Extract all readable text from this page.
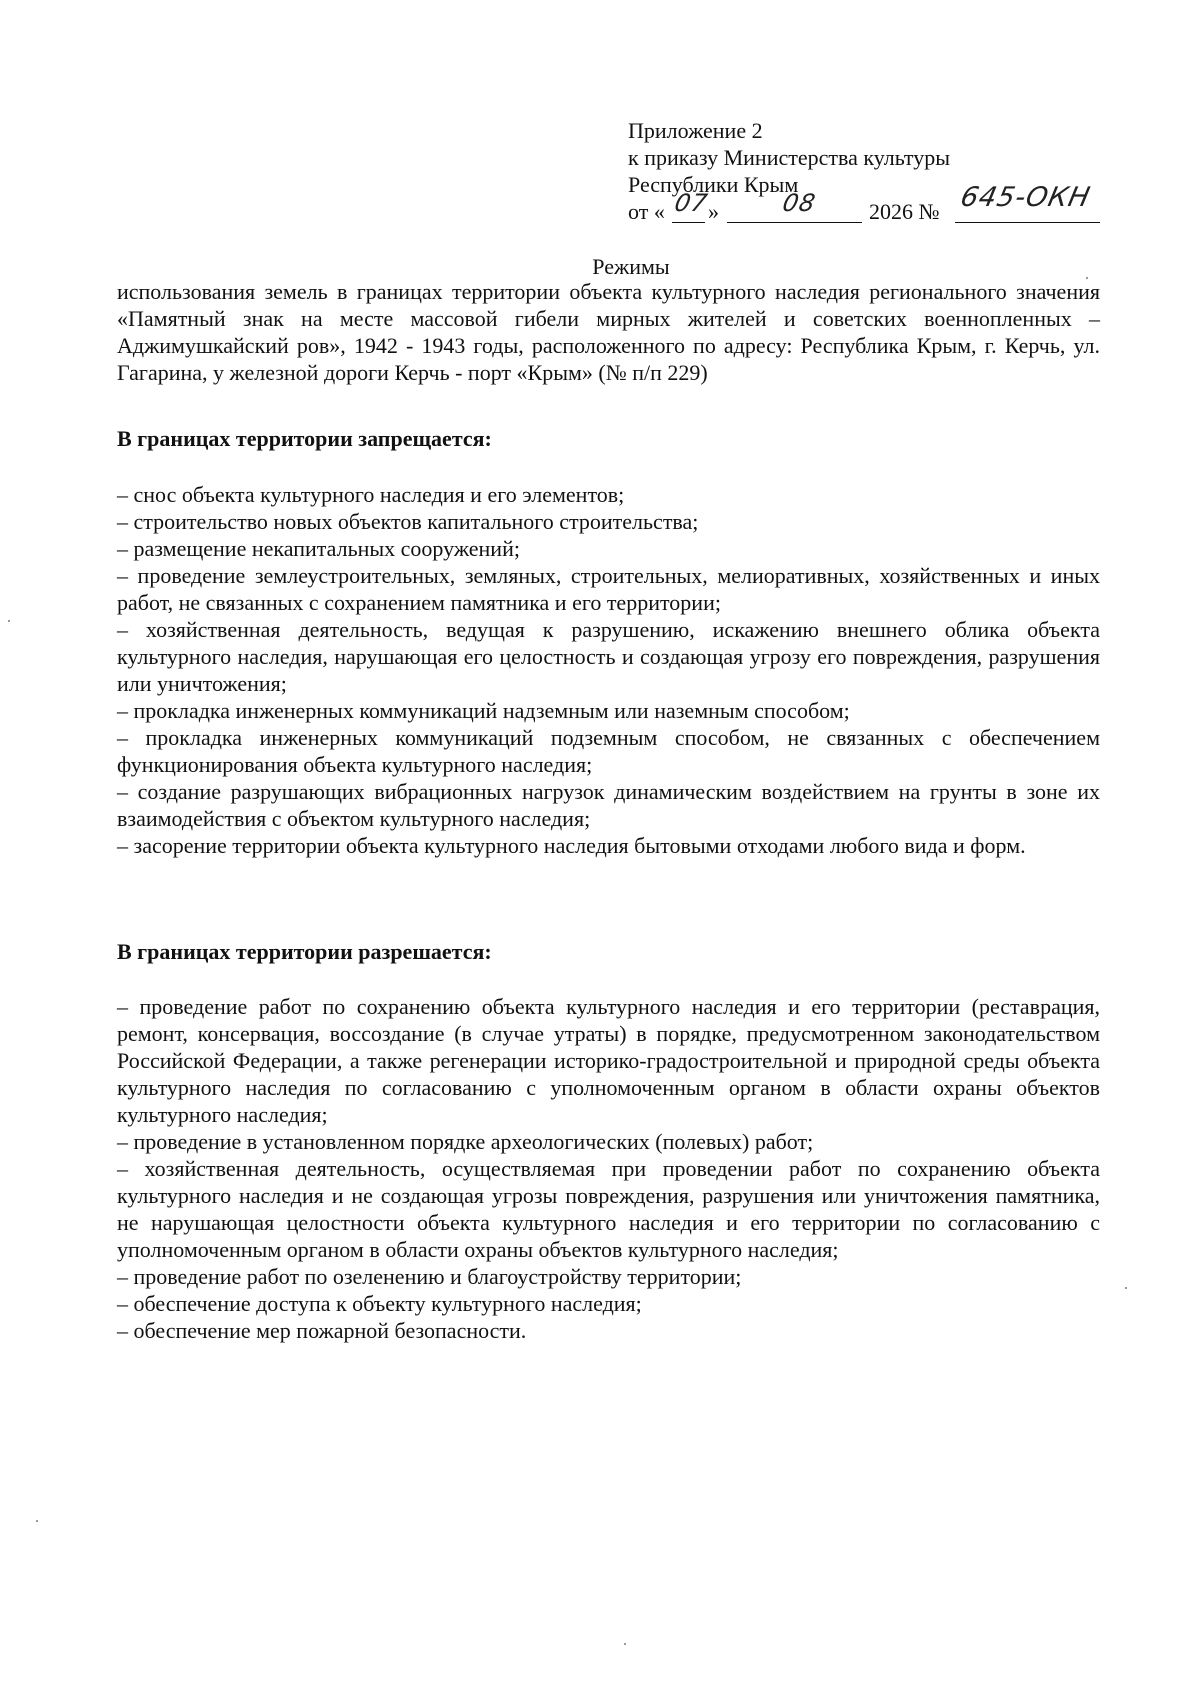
Приложение 2
к приказу Министерства культуры
Республики Крым
от « 07
»	08 2026 № 645-ОКН
Режимы
использования земель в границах территории объекта культурного наследия регионального значения «Памятный знак на месте массовой гибели мирных жителей и советских военнопленных – Аджимушкайский ров», 1942 - 1943 годы, расположенного по адресу: Республика Крым, г. Керчь, ул. Гагарина, у железной дороги Керчь - порт «Крым» (№ п/п 229)
В границах территории запрещается:
– снос объекта культурного наследия и его элементов;
– строительство новых объектов капитального строительства;
– размещение некапитальных сооружений;
– проведение землеустроительных, земляных, строительных, мелиоративных, хозяйственных и иных работ, не связанных с сохранением памятника и его территории;
– хозяйственная деятельность, ведущая к разрушению, искажению внешнего облика объекта культурного наследия, нарушающая его целостность и создающая угрозу его повреждения, разрушения или уничтожения;
– прокладка инженерных коммуникаций надземным или наземным способом;
– прокладка инженерных коммуникаций подземным способом, не связанных с обеспечением функционирования объекта культурного наследия;
– создание разрушающих вибрационных нагрузок динамическим воздействием на грунты в зоне их взаимодействия с объектом культурного наследия;
– засорение территории объекта культурного наследия бытовыми отходами любого вида и форм.
В границах территории разрешается:
– проведение работ по сохранению объекта культурного наследия и его территории (реставрация, ремонт, консервация, воссоздание (в случае утраты) в порядке, предусмотренном законодательством Российской Федерации, а также регенерации историко-градостроительной и природной среды объекта культурного наследия по согласованию с уполномоченным органом в области охраны объектов культурного наследия;
– проведение в установленном порядке археологических (полевых) работ;
– хозяйственная деятельность, осуществляемая при проведении работ по сохранению объекта культурного наследия и не создающая угрозы повреждения, разрушения или уничтожения памятника, не нарушающая целостности объекта культурного наследия и его территории по согласованию с уполномоченным органом в области охраны объектов культурного наследия;
– проведение работ по озеленению и благоустройству территории;
– обеспечение доступа к объекту культурного наследия;
– обеспечение мер пожарной безопасности.
